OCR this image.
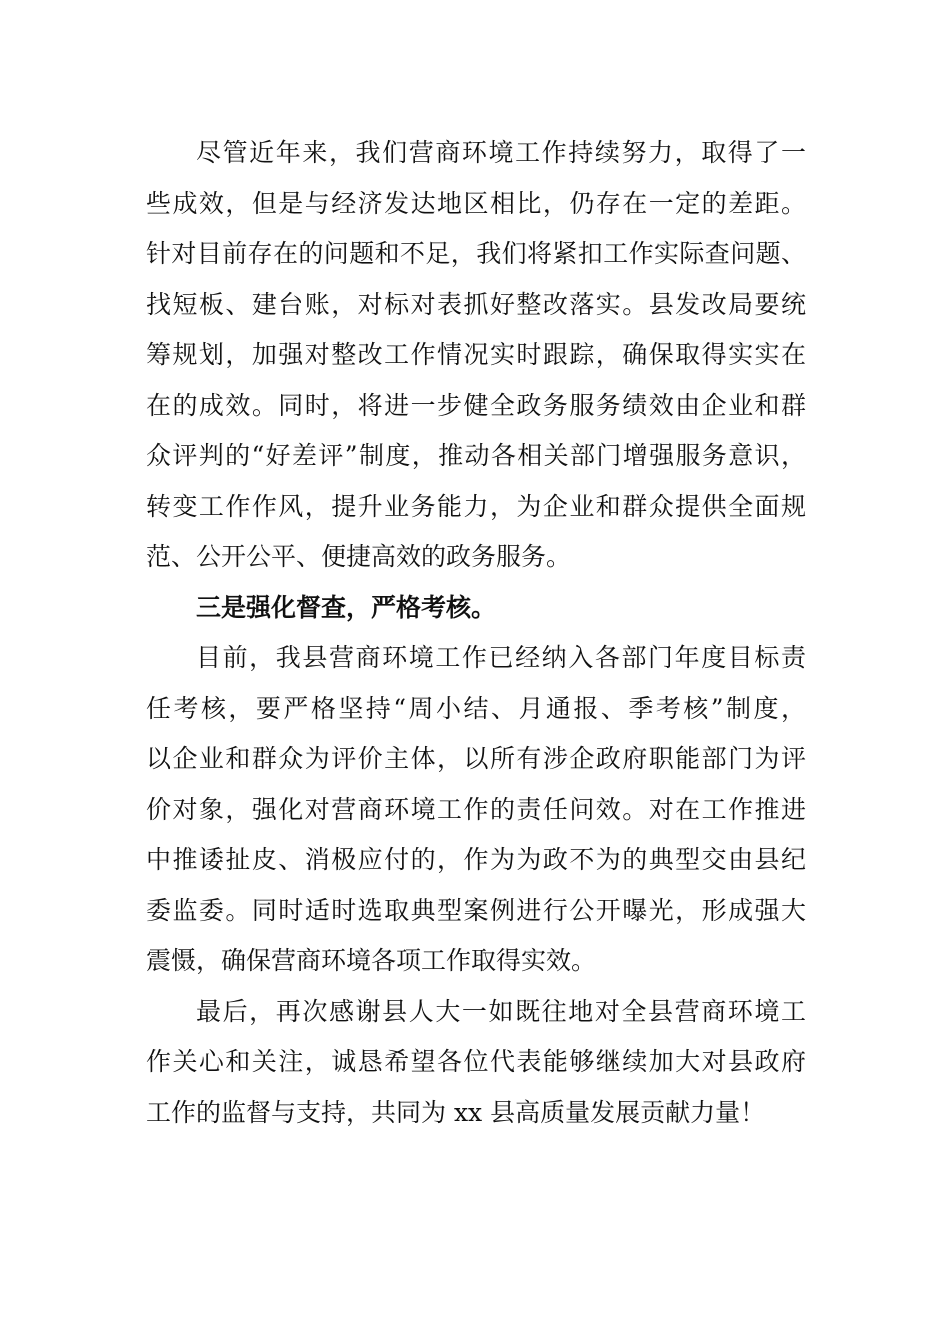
尽管近年来，我们营商环境工作持续努力，取得了一
些成效，但是与经济发达地区相比，仍存在一定的差距。
针对目前存在的问题和不足，我们将紧扣工作实际查问题、
找短板、建台账，对标对表抓好整改落实。县发改局要统
筹规划，加强对整改工作情况实时跟踪，确保取得实实在
在的成效。同时，将进一步健全政务服务绩效由企业和群
众评判的“好差评”制度，推动各相关部门增强服务意识，
转变工作作风，提升业务能力，为企业和群众提供全面规
范、公开公平、便捷高效的政务服务。
三是强化督查，严格考核。
目前，我县营商环境工作已经纳入各部门年度目标责
任考核，要严格坚持“周小结、月通报、季考核”制度，
以企业和群众为评价主体，以所有涉企政府职能部门为评
价对象，强化对营商环境工作的责任问效。对在工作推进
中推诿扯皮、消极应付的，作为为政不为的典型交由县纪
委监委。同时适时选取典型案例进行公开曝光，形成强大
震慑，确保营商环境各项工作取得实效。
最后，再次感谢县人大一如既往地对全县营商环境工
作关心和关注，诚恳希望各位代表能够继续加大对县政府
工作的监督与支持，共同为 xx 县高质量发展贡献力量！
